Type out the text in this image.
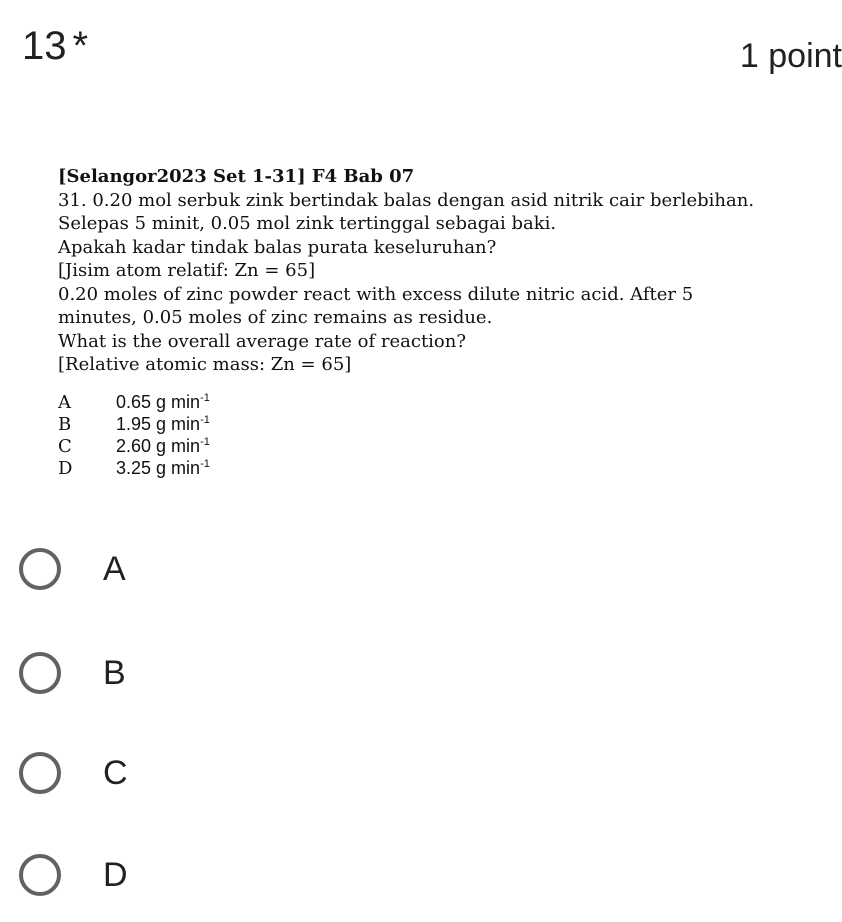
13 *	1 point
[Selangor2023 Set 1-31] F4 Bab 07
31. 0.20 mol serbuk zink bertindak balas dengan asid nitrik cair berlebihan.
Selepas 5 minit, 0.05 mol zink tertinggal sebagai baki.
Apakah kadar tindak balas purata keseluruhan?
[Jisim atom relatif: Zn = 65]
0.20 moles of zinc powder react with excess dilute nitric acid. After 5
minutes, 0.05 moles of zinc remains as residue.
What is the overall average rate of reaction?
[Relative atomic mass: Zn = 65]
A	0.65 g $\min^{-1}$
B	1.95 g $\min^{-1}$
C	2.60 g $\min^{-1}$
D	3.25 g $\min^{-1}$
A
B
C
D
